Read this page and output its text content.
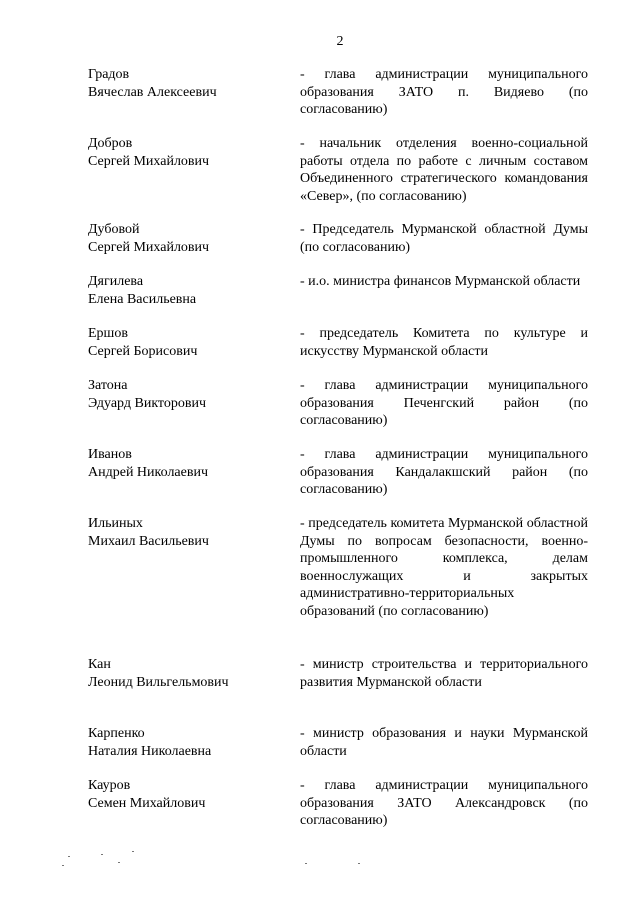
2
Градов
Вячеслав Алексеевич
- глава администрации муниципального образования ЗАТО п. Видяево (по согласованию)
Добров
Сергей Михайлович
- начальник отделения военно-социальной работы отдела по работе с личным составом Объединенного стратегического командования «Север», (по согласованию)
Дубовой
Сергей Михайлович
- Председатель Мурманской областной Думы (по согласованию)
Дягилева
Елена Васильевна
- и.о. министра финансов Мурманской области
Ершов
Сергей Борисович
- председатель Комитета по культуре и искусству Мурманской области
Затона
Эдуард Викторович
- глава администрации муниципального образования Печенгский район (по согласованию)
Иванов
Андрей Николаевич
- глава администрации муниципального образования Кандалакшский район (по согласованию)
Ильиных
Михаил Васильевич
- председатель комитета Мурманской областной Думы по вопросам безопасности, военно-промышленного комплекса, делам военнослужащих и закрытых административно-территориальных образований (по согласованию)
Кан
Леонид Вильгельмович
- министр строительства и территориального развития Мурманской области
Карпенко
Наталия Николаевна
- министр образования и науки Мурманской области
Кауров
Семен Михайлович
- глава администрации муниципального образования ЗАТО Александровск (по согласованию)
